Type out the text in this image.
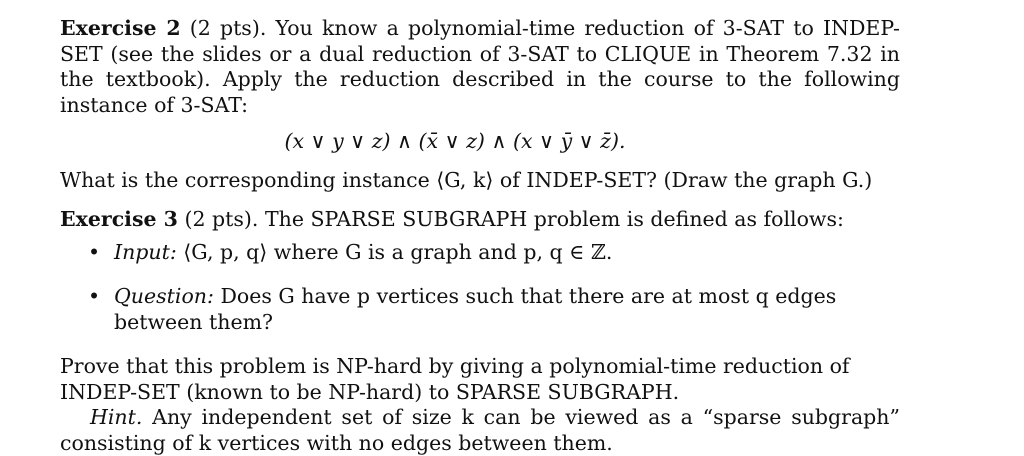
Exercise 2 (2 pts). You know a polynomial-time reduction of 3-SAT to INDEP-SET (see the slides or a dual reduction of 3-SAT to CLIQUE in Theorem 7.32 in the textbook). Apply the reduction described in the course to the following instance of 3-SAT:

(x ∨ y ∨ z) ∧ (x̄ ∨ z) ∧ (x ∨ ȳ ∨ z̄).

What is the corresponding instance ⟨G, k⟩ of INDEP-SET? (Draw the graph G.)

Exercise 3 (2 pts). The SPARSE SUBGRAPH problem is defined as follows:

• Input: ⟨G, p, q⟩ where G is a graph and p, q ∈ ℤ.
• Question: Does G have p vertices such that there are at most q edges between them?

Prove that this problem is NP-hard by giving a polynomial-time reduction of INDEP-SET (known to be NP-hard) to SPARSE SUBGRAPH.

Hint. Any independent set of size k can be viewed as a “sparse subgraph” consisting of k vertices with no edges between them.
